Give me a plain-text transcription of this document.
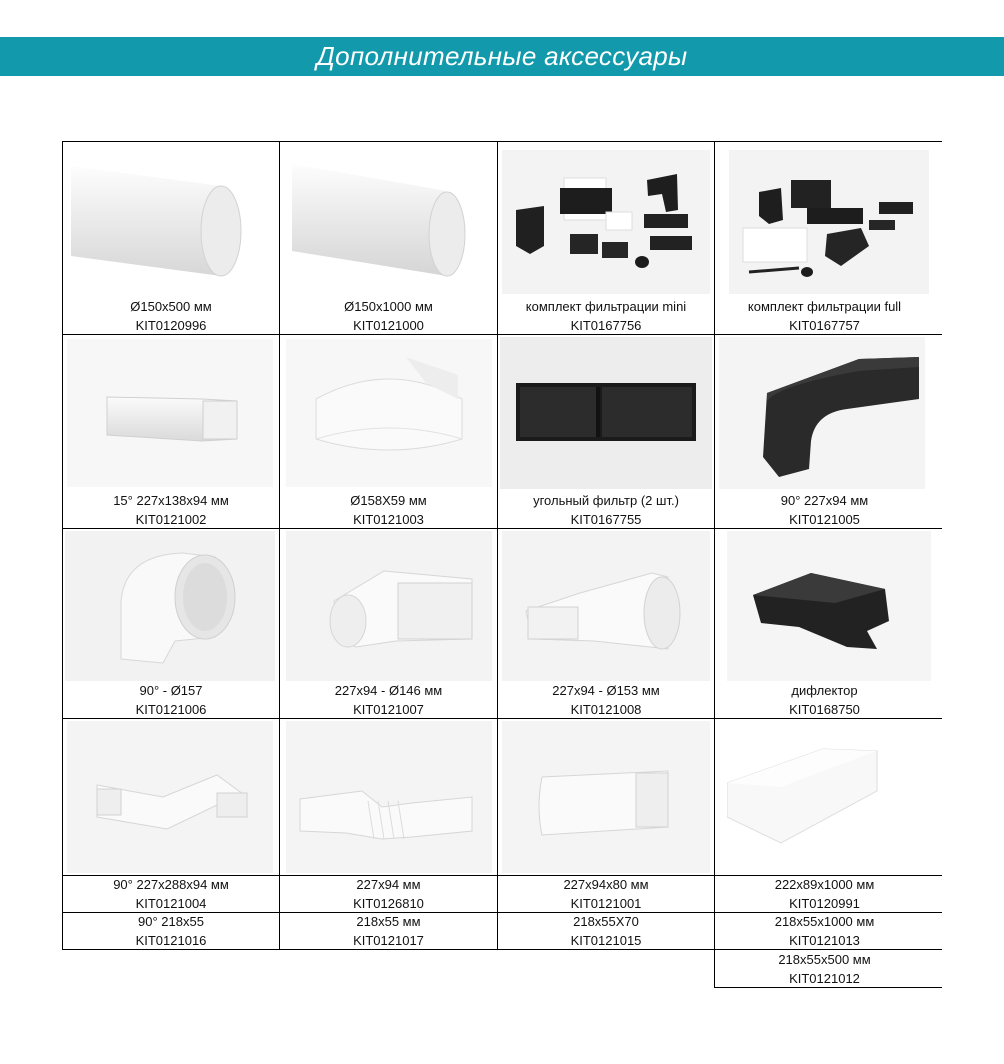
Дополнительные аксессуары
Ø150x500 мм
KIT0120996
Ø150x1000 мм
KIT0121000
комплект фильтрации mini
KIT0167756
комплект фильтрации full
KIT0167757
15° 227x138x94 мм
KIT0121002
Ø158X59 мм
KIT0121003
угольный фильтр (2 шт.)
KIT0167755
90° 227x94 мм
KIT0121005
90° - Ø157
KIT0121006
227x94 - Ø146 мм
KIT0121007
227x94 - Ø153 мм
KIT0121008
дифлектор
KIT0168750
90° 227x288x94 мм
KIT0121004
227x94 мм
KIT0126810
227x94x80 мм
KIT0121001
222x89x1000 мм
KIT0120991
90° 218x55
KIT0121016
218x55 мм
KIT0121017
218x55X70
KIT0121015
218x55x1000 мм
KIT0121013
218x55x500 мм
KIT0121012
